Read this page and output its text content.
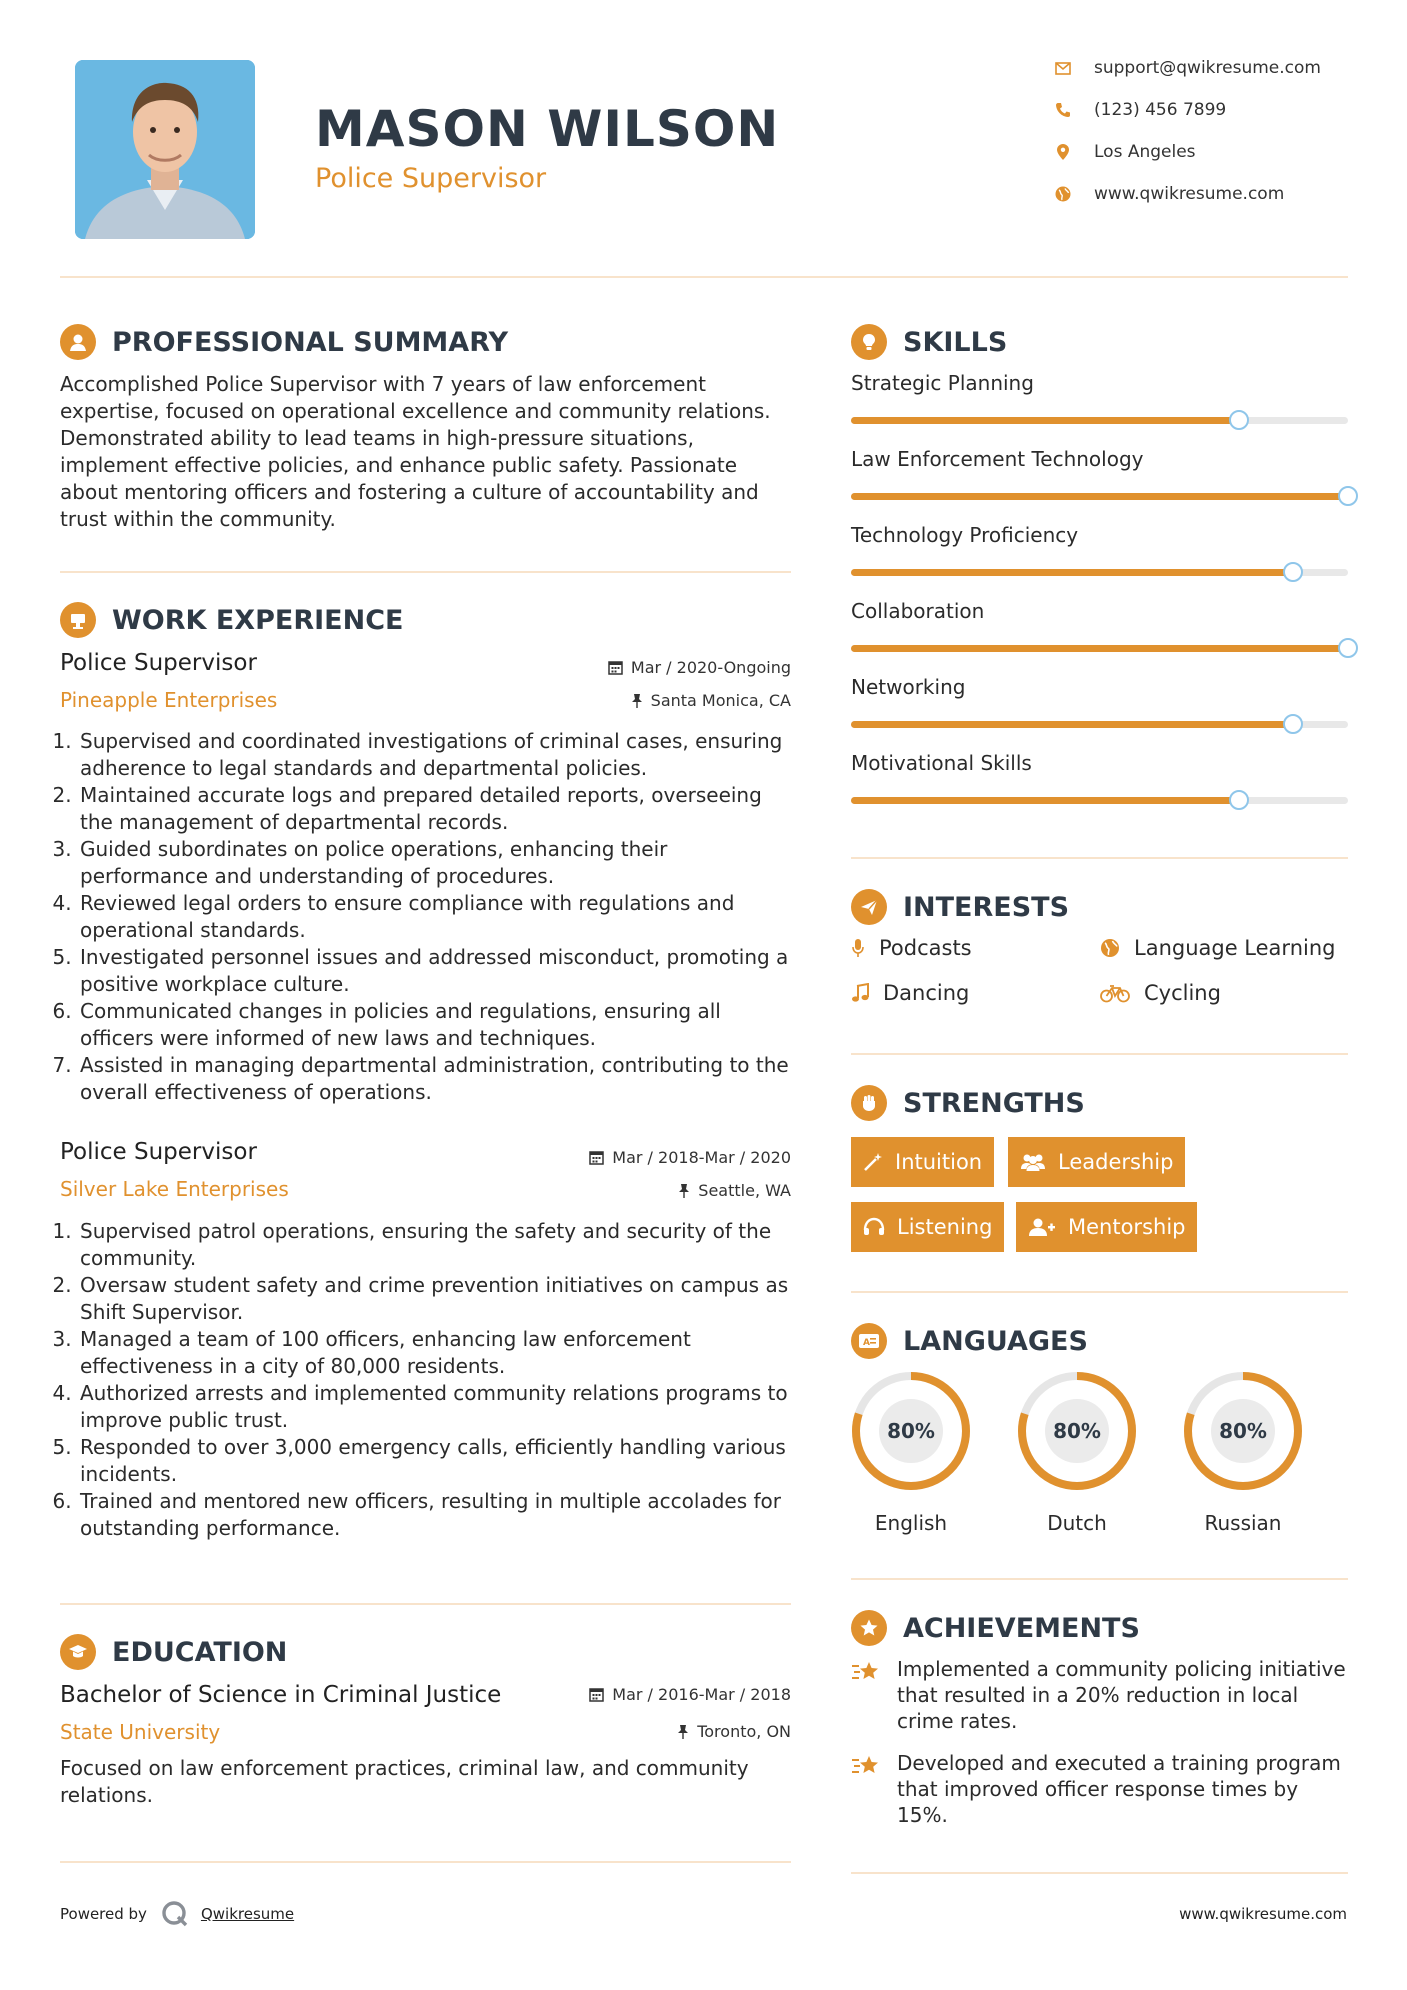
MASON WILSON
Police Supervisor
support@qwikresume.com
(123) 456 7899
Los Angeles
www.qwikresume.com
PROFESSIONAL SUMMARY
Accomplished Police Supervisor with 7 years of law enforcement expertise, focused on operational excellence and community relations. Demonstrated ability to lead teams in high-pressure situations, implement effective policies, and enhance public safety. Passionate about mentoring officers and fostering a culture of accountability and trust within the community.
WORK EXPERIENCE
Police Supervisor	Mar / 2020-Ongoing
Pineapple Enterprises	Santa Monica, CA
1. Supervised and coordinated investigations of criminal cases, ensuring adherence to legal standards and departmental policies.
2. Maintained accurate logs and prepared detailed reports, overseeing the management of departmental records.
3. Guided subordinates on police operations, enhancing their performance and understanding of procedures.
4. Reviewed legal orders to ensure compliance with regulations and operational standards.
5. Investigated personnel issues and addressed misconduct, promoting a positive workplace culture.
6. Communicated changes in policies and regulations, ensuring all officers were informed of new laws and techniques.
7. Assisted in managing departmental administration, contributing to the overall effectiveness of operations.
Police Supervisor	Mar / 2018-Mar / 2020
Silver Lake Enterprises	Seattle, WA
1. Supervised patrol operations, ensuring the safety and security of the community.
2. Oversaw student safety and crime prevention initiatives on campus as Shift Supervisor.
3. Managed a team of 100 officers, enhancing law enforcement effectiveness in a city of 80,000 residents.
4. Authorized arrests and implemented community relations programs to improve public trust.
5. Responded to over 3,000 emergency calls, efficiently handling various incidents.
6. Trained and mentored new officers, resulting in multiple accolades for outstanding performance.
EDUCATION
Bachelor of Science in Criminal Justice	Mar / 2016-Mar / 2018
State University	Toronto, ON
Focused on law enforcement practices, criminal law, and community relations.
SKILLS
Strategic Planning
Law Enforcement Technology
Technology Proficiency
Collaboration
Networking
Motivational Skills
INTERESTS
Podcasts	Language Learning
Dancing	Cycling
STRENGTHS
Intuition	Leadership
Listening	Mentorship
A LANGUAGES
80%
English
80%
Dutch
80%
Russian
ACHIEVEMENTS
Implemented a community policing initiative that resulted in a 20% reduction in local crime rates.
Developed and executed a training program that improved officer response times by 15%.
Powered by	Qwikresume	www.qwikresume.com
